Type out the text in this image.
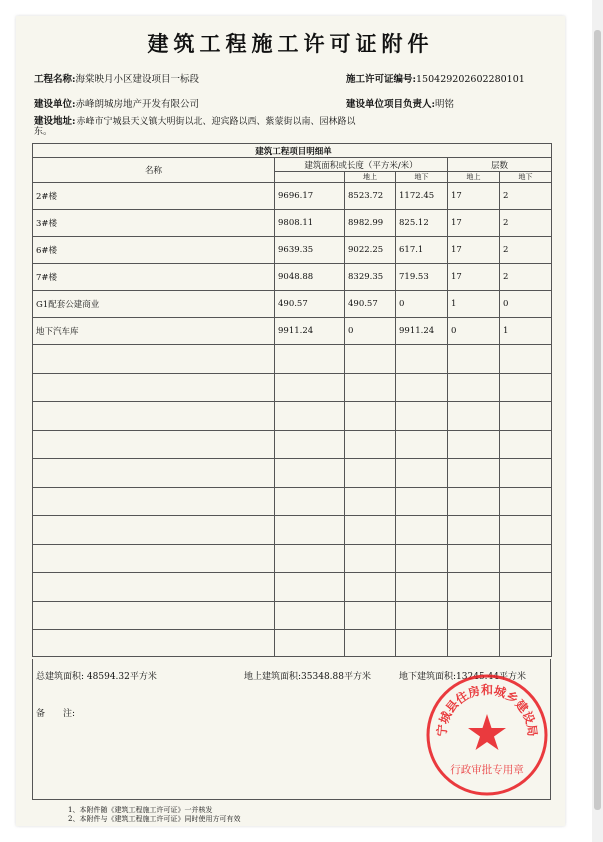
建筑工程施工许可证附件
工程名称:海棠映月小区建设项目一标段	施工许可证编号:150429202602280101
建设单位:赤峰朗城房地产开发有限公司	建设单位项目负责人:明铭
建设地址: 赤峰市宁城县天义镇大明街以北、迎宾路以西、紫蒙街以南、园林路以东。
建筑工程项目明细单					
名称	建筑面积或长度（平方米/米）			层数	
		地上	地下	地上	地下
2#楼	9696.17	8523.72	1172.45	17	2
3#楼	9808.11	8982.99	825.12	17	2
6#楼	9639.35	9022.25	617.1	17	2
7#楼	9048.88	8329.35	719.53	17	2
G1配套公建商业	490.57	490.57	0	1	0
地下汽车库	9911.24	0	9911.24	0	1

总建筑面积: 48594.32平方米	地上建筑面积:35348.88平方米	地下建筑面积:13245.44平方米
备　　注:
1、本附件随《建筑工程施工许可证》一并核发
2、本附件与《建筑工程施工许可证》同时使用方可有效
宁城县住房和城乡建设局
行政审批专用章
